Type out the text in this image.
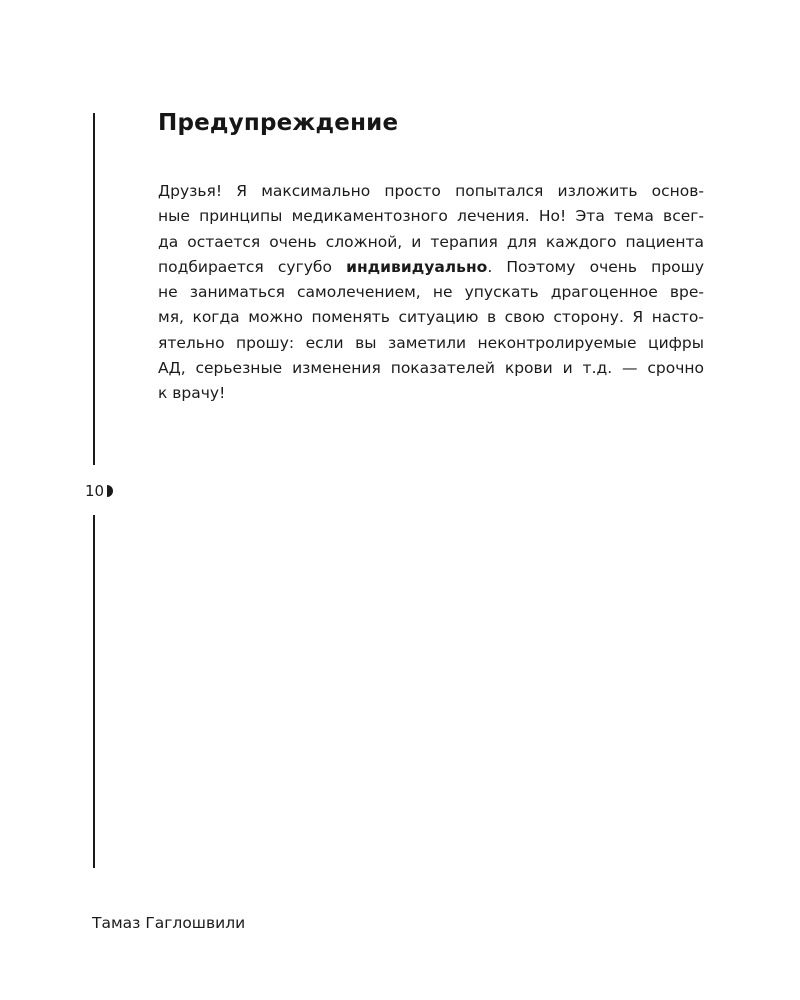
10
Предупреждение
Друзья! Я максимально просто попытался изложить основ-
ные принципы медикаментозного лечения. Но! Эта тема всег-
да остается очень сложной, и терапия для каждого пациента
подбирается сугубо индивидуально. Поэтому очень прошу
не заниматься самолечением, не упускать драгоценное вре-
мя, когда можно поменять ситуацию в свою сторону. Я насто-
ятельно прошу: если вы заметили неконтролируемые цифры
АД, серьезные изменения показателей крови и т.д. — срочно
к врачу!
Тамаз Гаглошвили
